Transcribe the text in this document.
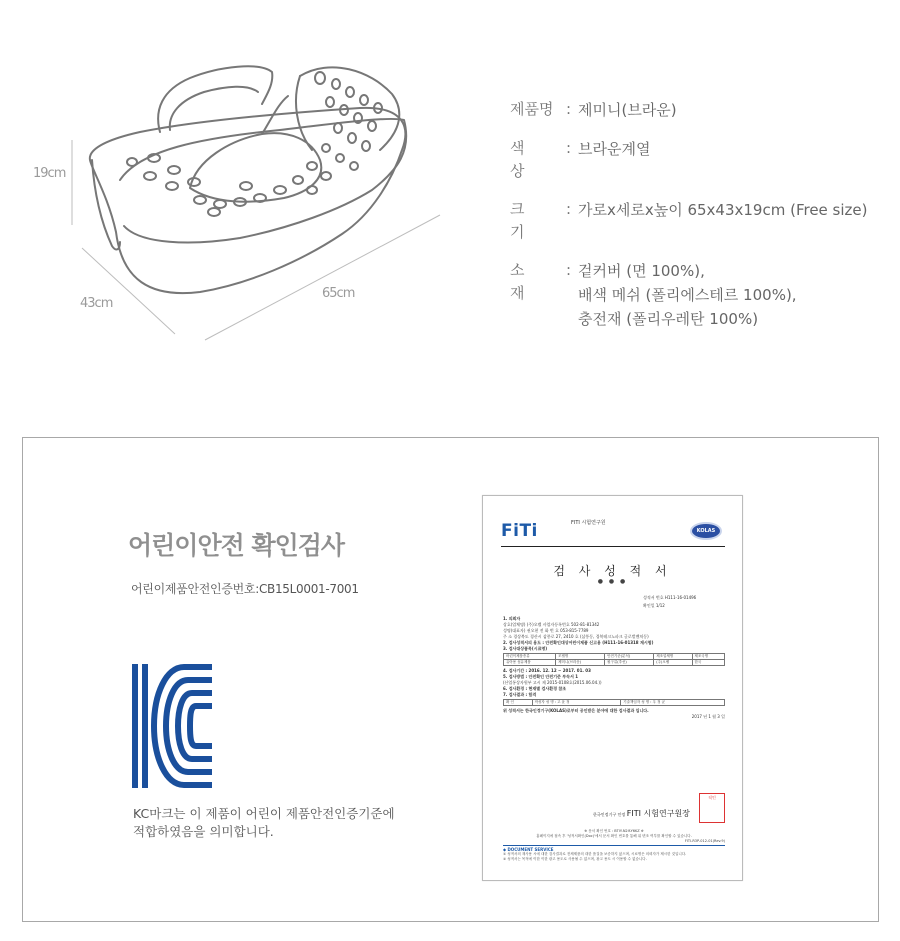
19cm
43cm
65cm
제품명 : 제미니(브라운)
색 상
: 브라운계열
크 기
: 가로x세로x높이 65x43x19cm (Free size)
소 재
: 겉커버 (면 100%),
배색 메쉬 (폴리에스테르 100%),
충전재 (폴리우레탄 100%)
어린이안전 확인검사
어린이제품안전인증번호:CB15L0001-7001
KC마크는 이 제품이 어린이 제품안전인증기준에
적합하였음을 의미합니다.
FiTi	FITI 시험연구원
KOLAS
검 사 성 적 서
● ● ●
성적서 번호 H111-16-01496
확인일 1/12
1. 의뢰자
상호(업체명) (주)오벨 사업자등록번호 502-81-81342
성명(대표자) 권오현 전 화 번 호 053-815-7789
주 소 경상북도 경산시 삼풍로 27, 2410 호 (삼풍동, 경북테크노파크 글로벌벤처동)
2. 검사성적서의 용도 : 안전확인대상어린이제품 신고용 (H111-16-01318 재시험)
3. 검사대상품목(시료명)
어린이제품종류	모델명	안전기준(분석)	제조업체명	제조국명
유아용 섬유제품	제미니(브라운)	원구류(추선)	(주)오벨	한국
4. 검사기간 : 2016. 12. 12 ~ 2017. 01. 03
5. 검사방법 : 안전확인 안전기준 부속서 1
(산업통상자원부 고시 제 2015-0108호(2015.06.04.))
6. 검사환경 : 현재별 검사환경 참조
7. 검사결과 : 합격
확 인	작성자 성 명 : 고 윤 정	기술책임자 성 명 : 우 정 균
위 성적서는 한국인정기구(KOLAS)로부터 공인받은 분야에 대한 검사결과 입니다.
2017 년 1 월 3 일
한국인정기구 인정 FITI 시험연구원장
직인
※ 문서 확인 번호 : BTIY-N2If-Y6KZ ※
홈페이지에 접속 후 '성적서확인(Doc)'에서 문서 확인 번호를 통해 위 변조 여부를 확인할 수 있습니다.
FITI-R3P-012-01(Rev.9)
◆ DOCUMENT SERVICE
① 성적서의 재사용 시에 대한 검사결과로 전체제품의 대한 품질을 보증하지 않으며, 시료명은 의뢰자가 제시한 것입니다.
② 성적서는 목적에 이한 이한 광고 용도로 사용될 수 없으며, 광고 용도 시 이용할 수 없습니다.
